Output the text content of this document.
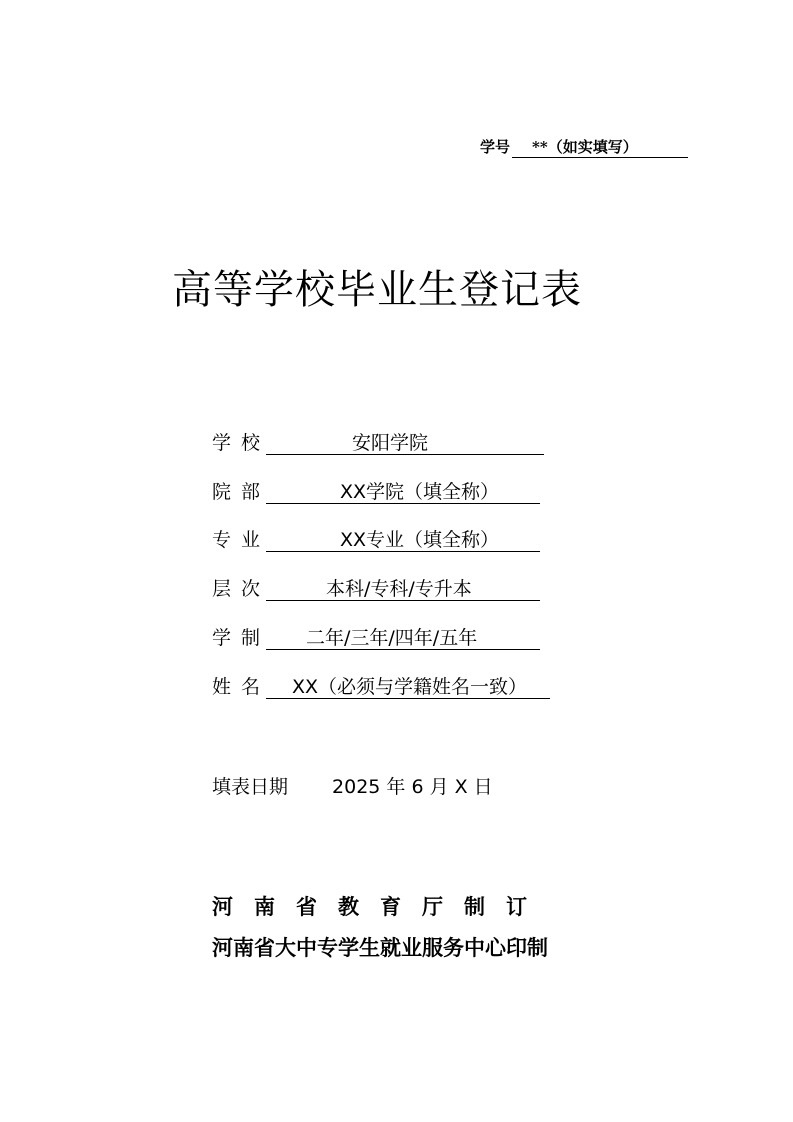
学号 **（如实填写）
高等学校毕业生登记表
学 校	安阳学院
院 部	XX学院（填全称）
专 业	XX专业（填全称）
层 次	本科/专科/专升本
学 制 二年/三年/四年/五年
姓 名 XX（必须与学籍姓名一致）
填表日期 2025 年 6 月 X 日
河　南　省　教　育　厅　制　订
河南省大中专学生就业服务中心印制
